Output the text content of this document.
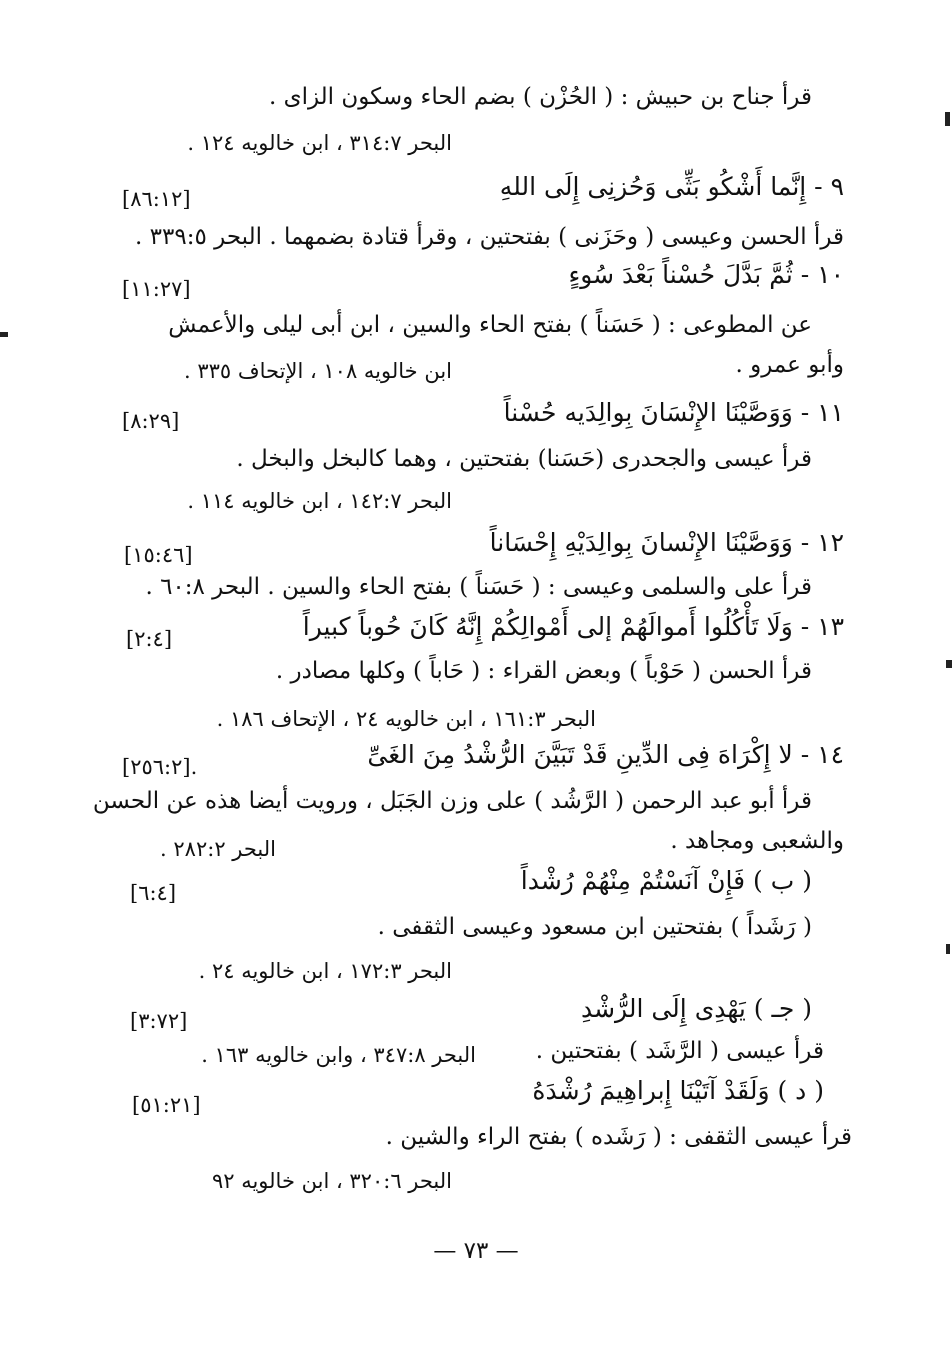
قرأ جناح بن حبيش : ( الحُزْن ) بضم الحاء وسكون الزاى .
البحر ٣١٤:٧ ، ابن خالويه ١٢٤ .
٩ - إِنَّما أَشْكُو بَثِّى وَحُزنِى إِلَى اللهِ
[٨٦:١٢]
قرأ الحسن وعيسى ( وحَزَنى ) بفتحتين ، وقرأ قتادة بضمهما . البحر ٣٣٩:٥ .
١٠ - ثُمَّ بَدَّلَ حُسْناً بَعْدَ سُوءٍ
[١١:٢٧]
عن المطوعى : ( حَسَناً ) بفتح الحاء والسين ، ابن أبى ليلى والأعمش
وأبو عمرو .
ابن خالويه ١٠٨ ، الإتحاف ٣٣٥ .
١١ - وَوَصَّيْنَا الإِنْسَانَ بِوالِدَيه حُسْناً
[٨:٢٩]
قرأ عيسى والجحدرى (حَسَنا) بفتحتين ، وهما كالبخل والبخل .
البحر ١٤٢:٧ ، ابن خالويه ١١٤ .
١٢ - وَوَصَّيْنَا الإِنْسانَ بِوالِدَيْهِ إِحْسَاناً
[١٥:٤٦]
قرأ على والسلمى وعيسى : ( حَسَناً ) بفتح الحاء والسين . البحر ٦٠:٨ .
١٣ - وَلَا تَأْكُلُوا أَموالَهُمْ إلى أَمْوالِكُمْ إِنَّهُ كَانَ حُوباً كبيراً
[٢:٤]
قرأ الحسن ( حَوْباً ) وبعض القراء : ( حَاباً ) وكلها مصادر .
البحر ١٦١:٣ ، ابن خالويه ٢٤ ، الإتحاف ١٨٦ .
١٤ - لا إِكْرَاهَ فِى الدِّينِ قَدْ تَبَيَّنَ الرُّشْدُ مِنَ الغَىِّ
[٢٥٦:٢].
قرأ أبو عبد الرحمن ( الرَّشُد ) على وزن الجَبَل ، ورويت أيضا هذه عن الحسن
والشعبى ومجاهد .
البحر ٢٨٢:٢ .
( ب ) فَإِنْ آنَسْتُمْ مِنْهُمْ رُشْداً
[٦:٤]
( رَشَداً ) بفتحتين ابن مسعود وعيسى الثقفى .
البحر ١٧٢:٣ ، ابن خالويه ٢٤ .
( جـ ) يَهْدِى إِلَى الرُّشْدِ
[٣:٧٢]
قرأ عيسى ( الرَّشَد ) بفتحتين .
البحر ٣٤٧:٨ ، وابن خالويه ١٦٣ .
( د ) وَلَقَدْ آتَيْنَا إِبراهِيمَ رُشْدَهُ
[٥١:٢١]
قرأ عيسى الثقفى : ( رَشَده ) بفتح الراء والشين .
البحر ٣٢٠:٦ ، ابن خالويه ٩٢
— ٧٣ —
